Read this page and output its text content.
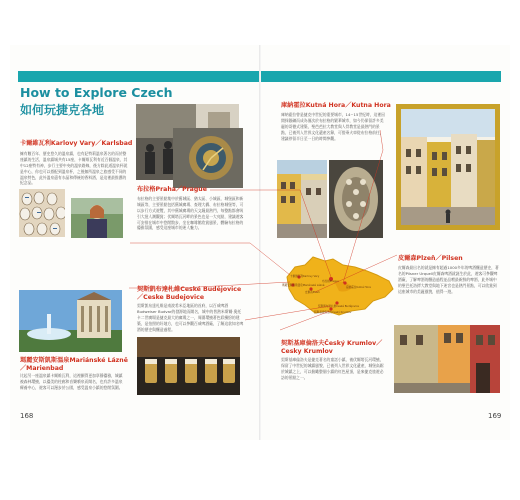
How to Explore Czech
如何玩捷克各地
布拉格Prague
卡爾維瓦利Karlovy Vary
瑪麗安斯凱斯溫泉Mariánské Lázně
皮爾森Plzeň
庫納霍拉Kutná Hora
契斯凱布達札維Ceské Budějovice
契斯基庫倫洛夫Český Krumlov
卡爾維瓦利Karlovy Vary／Karlsbad
擁有數百年、歷史悠久的溫泉鎮，也有妃特莉溫泉著名的而於整座鎮的生活，溫泉鎮城共有15座，卡爾維瓦利有近百個溫泉，其中12座特有神，步行主要中央的溫泉路線，後方除此道溫泉杯就是中心，你也可以搭配到溫泉杯，之後無所溫泉之旅感受不同的溫泉特色，此外溫泉還有水晶和傳統的香料酒，是這裡最推薦的紀念品。
布拉格Praha／Prague
布拉格的主要景點集中於舊城區、猶太區、小城區、城堡區和新城區等，主要景點包括舊城廣場、查理大橋、布拉格城堡等，可以步行方式遊覽，其中舊城廣場的天文鐘最熱門，每整點都會吸引大批人潮觀賞；伏爾塔瓦河畔的景色也是一大亮點，建議遊客可安排在城市中悠閒散步、坐在咖啡館欣賞風景，體驗布拉格的優雅氛圍，感受這座城市的迷人魅力。
庫納霍拉Kutná Hora／Kutna Hora
庫納霍拉曾是捷克中世紀的重要城市，14~15世紀時，這裡因開採銀礦而成為僅次於布拉格的繁華城市，如今仍保留許多美麗的哥德式建築，聖芭芭拉大教堂與人骨教堂是最熱門的景點，已被列入世界文化遺產名錄，可搭乘火車從布拉格前往，建議停留半日至一日的時間參觀。
皮爾森Plzeň／Pilsen
皮爾森最出名的就是擁有超過1000多年的啤酒釀造歷史，著名的Pilsner Urquell皮爾森啤酒就誕生於此，遊客可參觀啤酒廠，了解啤酒的釀造過程並品嚐最新鮮的啤酒，此外城中的聖巴托洛繆大教堂與地下迷宮也是熱門景點，可以欣賞到這座城市的美麗風貌，值得一遊。
契斯凱布達札維Ceské Budějovice／Ceske Budejovice
契斯凱布達札維是南波希米亞地區的首府，以百威啤酒Budweiser Budvar的發源地而聞名，城中的普熱米斯爾·奧托卡二世廣場是捷克最大的廣場之一，周圍環繞著色彩繽紛的建築，是拍照的好地方，也可以參觀百威啤酒廠，了解這款知名啤酒的歷史與釀造過程。
瑪麗安斯凱斯溫泉Mariánské Lázně／Marienbad
比起另一座溫泉鎮卡爾維瓦利，這裡顯得更加寧靜優雅，城鎮被森林環繞，以優美的柱廊和音樂噴泉而聞名，也有許多溫泉療養中心，遊客可以漫步於公園，感受溫泉小鎮的悠閒氛圍。
契斯基庫倫洛夫Český Krumlov／Cesky Krumlov
契斯基庫倫洛夫是捷克著名的童話小鎮，被伏爾塔瓦河環繞，保留了中世紀的城鎮風貌，已被列入世界文化遺產，城堡高踞於城鎮之上，可以俯瞰整個小鎮的紅色屋頂，是來捷克旅遊必訪的景點之一。
168	169
